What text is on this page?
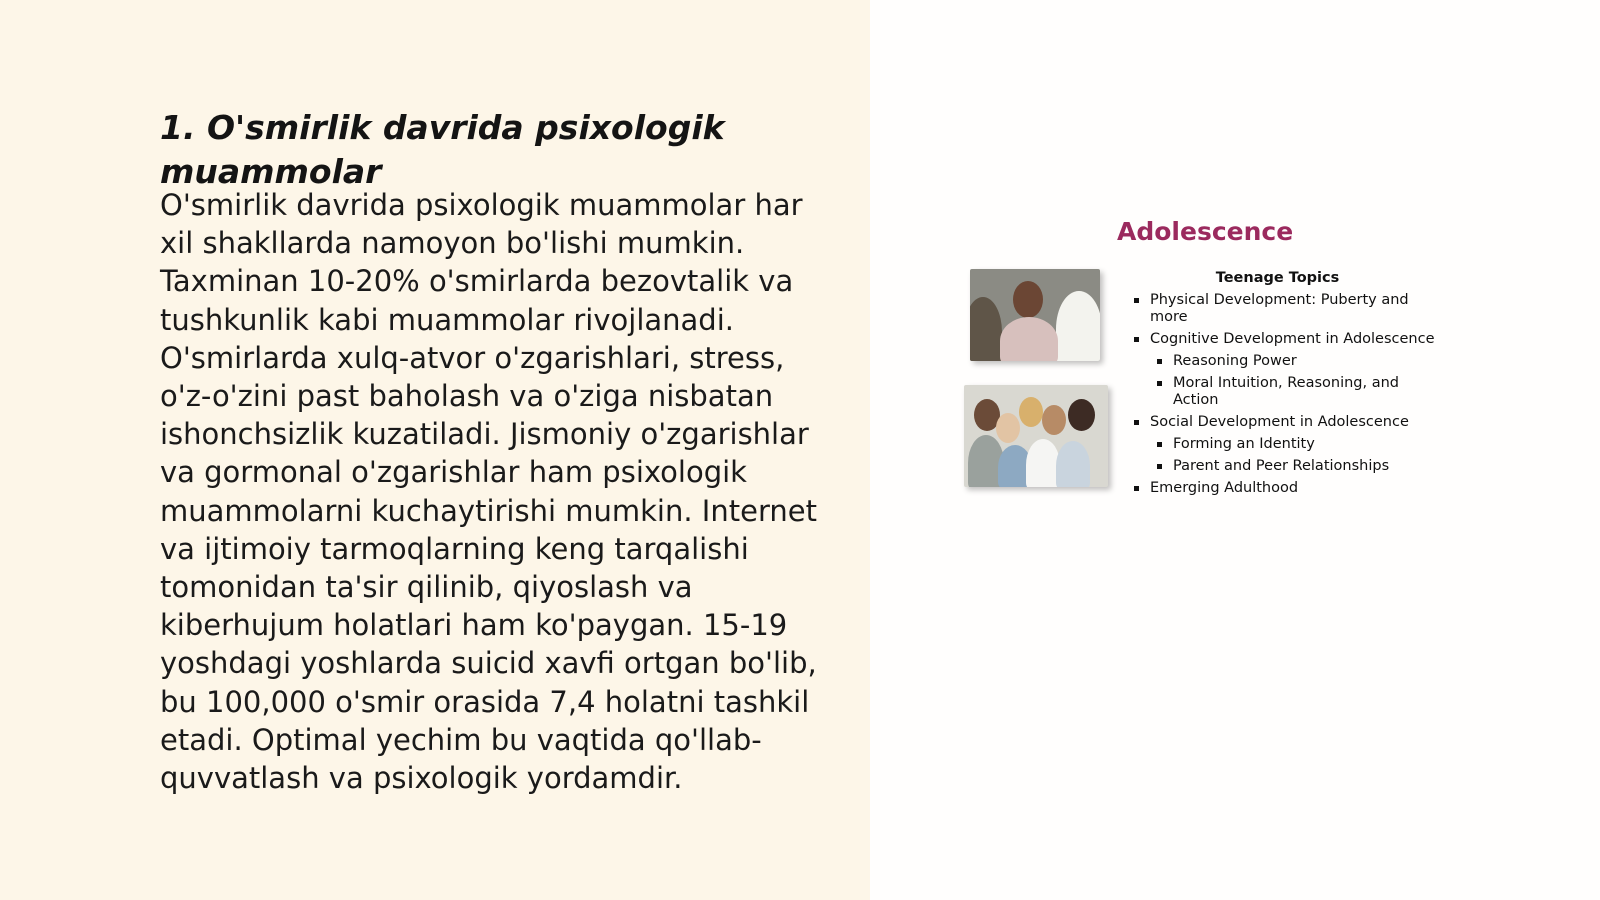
1. O'smirlik davrida psixologik muammolar

O'smirlik davrida psixologik muammolar har xil shakllarda namoyon bo'lishi mumkin. Taxminan 10-20% o'smirlarda bezovtalik va tushkunlik kabi muammolar rivojlanadi. O'smirlarda xulq-atvor o'zgarishlari, stress, o'z-o'zini past baholash va o'ziga nisbatan ishonchsizlik kuzatiladi. Jismoniy o'zgarishlar va gormonal o'zgarishlar ham psixologik muammolarni kuchaytirishi mumkin. Internet va ijtimoiy tarmoqlarning keng tarqalishi tomonidan ta'sir qilinib, qiyoslash va kiberhujum holatlari ham ko'paygan. 15-19 yoshdagi yoshlarda suicid xavfi ortgan bo'lib, bu 100,000 o'smir orasida 7,4 holatni tashkil etadi. Optimal yechim bu vaqtida qo'llab-quvvatlash va psixologik yordamdir.

Adolescence
Teenage Topics
Physical Development: Puberty and more
Cognitive Development in Adolescence
Reasoning Power
Moral Intuition, Reasoning, and Action
Social Development in Adolescence
Forming an Identity
Parent and Peer Relationships
Emerging Adulthood
